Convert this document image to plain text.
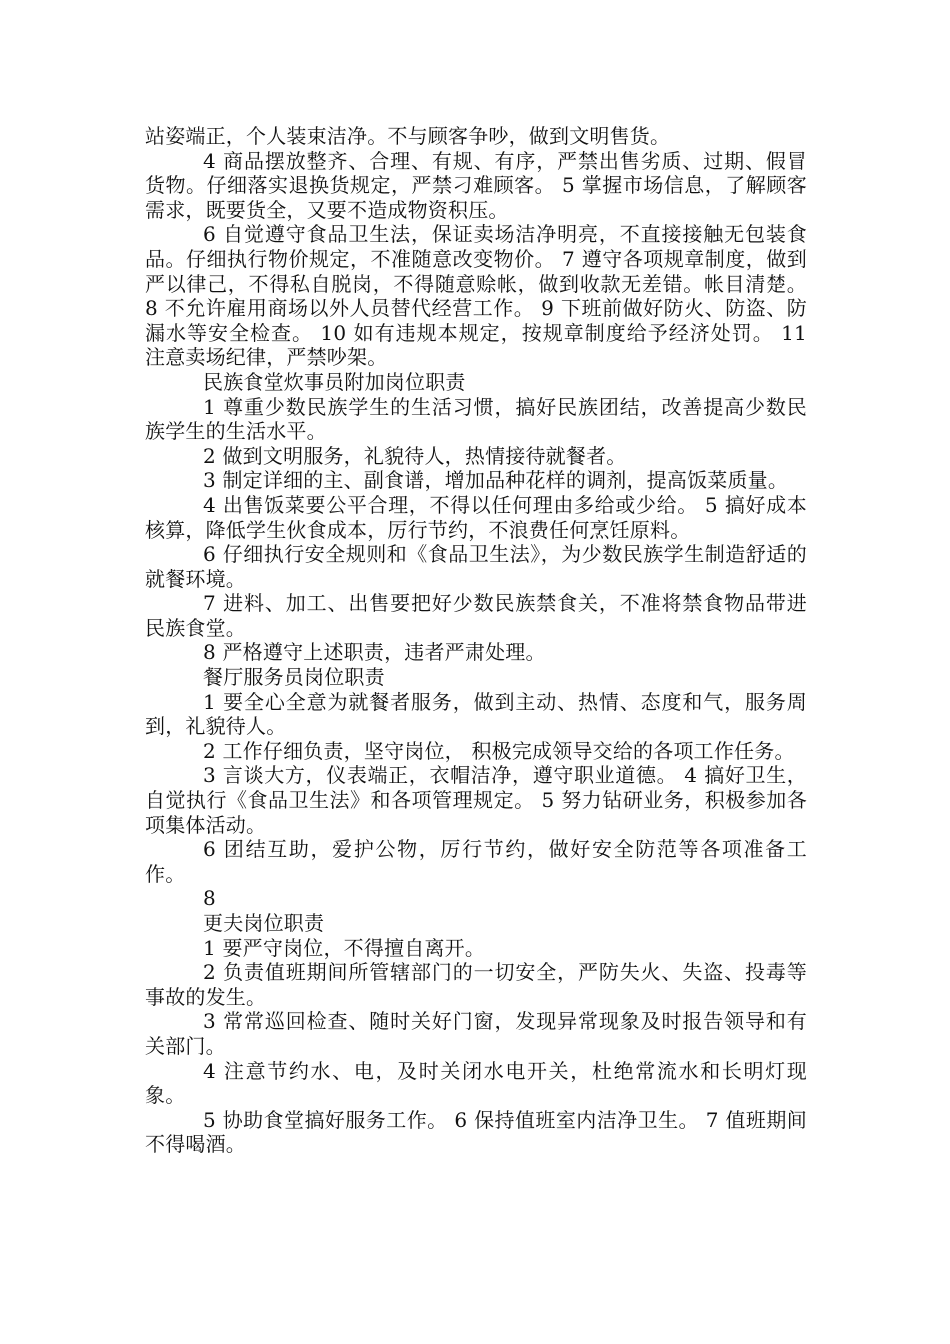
站姿端正，个人装束洁净。不与顾客争吵，做到文明售货。

4 商品摆放整齐、合理、有规、有序，严禁出售劣质、过期、假冒货物。仔细落实退换货规定，严禁刁难顾客。 5 掌握市场信息，了解顾客需求，既要货全，又要不造成物资积压。

6 自觉遵守食品卫生法，保证卖场洁净明亮，不直接接触无包装食品。仔细执行物价规定，不准随意改变物价。 7 遵守各项规章制度，做到严以律己，不得私自脱岗，不得随意赊帐，做到收款无差错。帐目清楚。 8 不允许雇用商场以外人员替代经营工作。 9 下班前做好防火、防盗、防漏水等安全检查。 10 如有违规本规定，按规章制度给予经济处罚。 11 注意卖场纪律，严禁吵架。

民族食堂炊事员附加岗位职责

1 尊重少数民族学生的生活习惯，搞好民族团结，改善提高少数民族学生的生活水平。

2 做到文明服务，礼貌待人，热情接待就餐者。

3 制定详细的主、副食谱，增加品种花样的调剂，提高饭菜质量。

4 出售饭菜要公平合理，不得以任何理由多给或少给。 5 搞好成本核算，降低学生伙食成本，厉行节约，不浪费任何烹饪原料。

6 仔细执行安全规则和《食品卫生法》，为少数民族学生制造舒适的就餐环境。

7 进料、加工、出售要把好少数民族禁食关，不准将禁食物品带进民族食堂。

8 严格遵守上述职责，违者严肃处理。

餐厅服务员岗位职责

1 要全心全意为就餐者服务，做到主动、热情、态度和气，服务周到，礼貌待人。

2 工作仔细负责，坚守岗位， 积极完成领导交给的各项工作任务。

3 言谈大方，仪表端正，衣帽洁净，遵守职业道德。 4 搞好卫生，自觉执行《食品卫生法》和各项管理规定。 5 努力钻研业务，积极参加各项集体活动。

6 团结互助，爱护公物，厉行节约，做好安全防范等各项准备工作。

8

更夫岗位职责

1 要严守岗位，不得擅自离开。

2 负责值班期间所管辖部门的一切安全，严防失火、失盗、投毒等事故的发生。

3 常常巡回检查、随时关好门窗，发现异常现象及时报告领导和有关部门。

4 注意节约水、电，及时关闭水电开关，杜绝常流水和长明灯现象。

5 协助食堂搞好服务工作。 6 保持值班室内洁净卫生。 7 值班期间不得喝酒。
